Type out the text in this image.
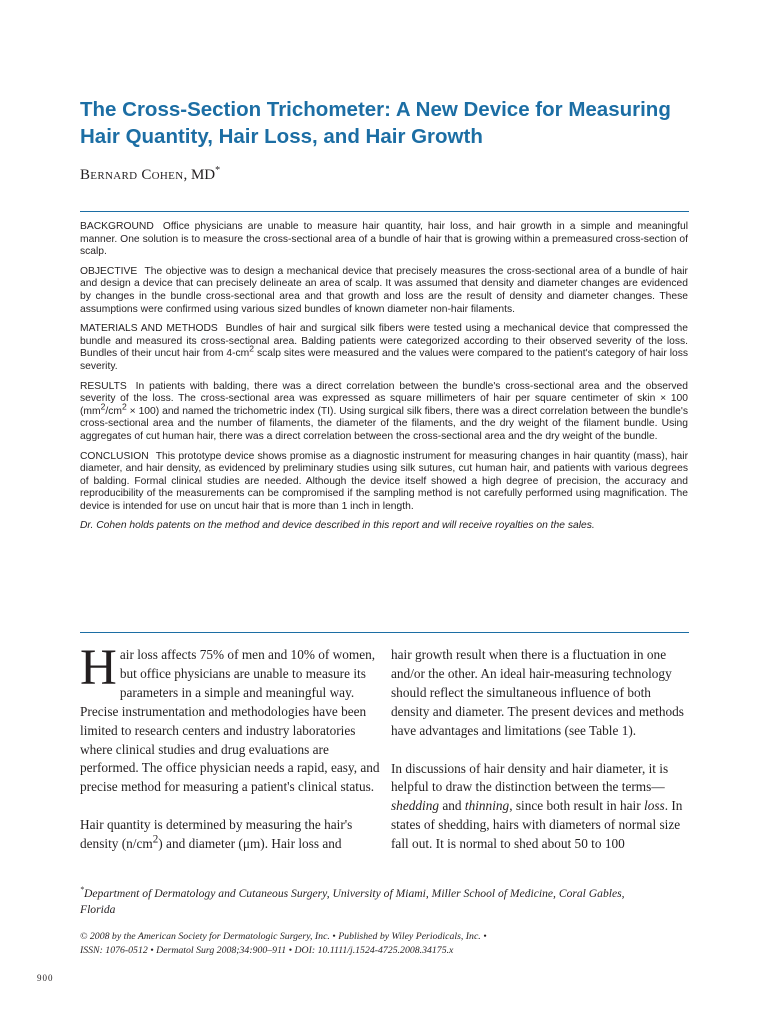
The Cross-Section Trichometer: A New Device for Measuring Hair Quantity, Hair Loss, and Hair Growth
Bernard Cohen, MD*

BACKGROUND Office physicians are unable to measure hair quantity, hair loss, and hair growth in a simple and meaningful manner. One solution is to measure the cross-sectional area of a bundle of hair that is growing within a premeasured cross-section of scalp.

OBJECTIVE The objective was to design a mechanical device that precisely measures the cross-sectional area of a bundle of hair and design a device that can precisely delineate an area of scalp. It was assumed that density and diameter changes are evidenced by changes in the bundle cross-sectional area and that growth and loss are the result of density and diameter changes. These assumptions were confirmed using various sized bundles of known diameter non-hair filaments.

MATERIALS AND METHODS Bundles of hair and surgical silk fibers were tested using a mechanical device that compressed the bundle and measured its cross-sectional area. Balding patients were categorized according to their observed severity of the loss. Bundles of their uncut hair from $4-cm^2$ scalp sites were measured and the values were compared to the patient's category of hair loss severity.

RESULTS In patients with balding, there was a direct correlation between the bundle's cross-sectional area and the observed severity of the loss. The cross-sectional area was expressed as square millimeters of hair per square centimeter of skin × 100 $(mm^2/cm^2 \times 100)$ and named the trichometric index (TI). Using surgical silk fibers, there was a direct correlation between the bundle's cross-sectional area and the number of filaments, the diameter of the filaments, and the dry weight of the filament bundle. Using aggregates of cut human hair, there was a direct correlation between the cross-sectional area and the dry weight of the bundle.

CONCLUSION This prototype device shows promise as a diagnostic instrument for measuring changes in hair quantity (mass), hair diameter, and hair density, as evidenced by preliminary studies using silk sutures, cut human hair, and patients with various degrees of balding. Formal clinical studies are needed. Although the device itself showed a high degree of precision, the accuracy and reproducibility of the measurements can be compromised if the sampling method is not carefully performed using magnification. The device is intended for use on uncut hair that is more than 1 inch in length.

Dr. Cohen holds patents on the method and device described in this report and will receive royalties on the sales.

Hair loss affects 75% of men and 10% of women, but office physicians are unable to measure its parameters in a simple and meaningful way. Precise instrumentation and methodologies have been limited to research centers and industry laboratories where clinical studies and drug evaluations are performed. The office physician needs a rapid, easy, and precise method for measuring a patient's clinical status.

Hair quantity is determined by measuring the hair's density $(n/cm^2)$ and diameter (μm). Hair loss and

hair growth result when there is a fluctuation in one and/or the other. An ideal hair-measuring technology should reflect the simultaneous influence of both density and diameter. The present devices and methods have advantages and limitations (see Table 1).

In discussions of hair density and hair diameter, it is helpful to draw the distinction between the terms—shedding and thinning, since both result in hair loss. In states of shedding, hairs with diameters of normal size fall out. It is normal to shed about 50 to 100

*Department of Dermatology and Cutaneous Surgery, University of Miami, Miller School of Medicine, Coral Gables, Florida
© 2008 by the American Society for Dermatologic Surgery, Inc. • Published by Wiley Periodicals, Inc. •
ISSN: 1076-0512 • Dermatol Surg 2008;34:900–911 • DOI: 10.1111/j.1524-4725.2008.34175.x
900
